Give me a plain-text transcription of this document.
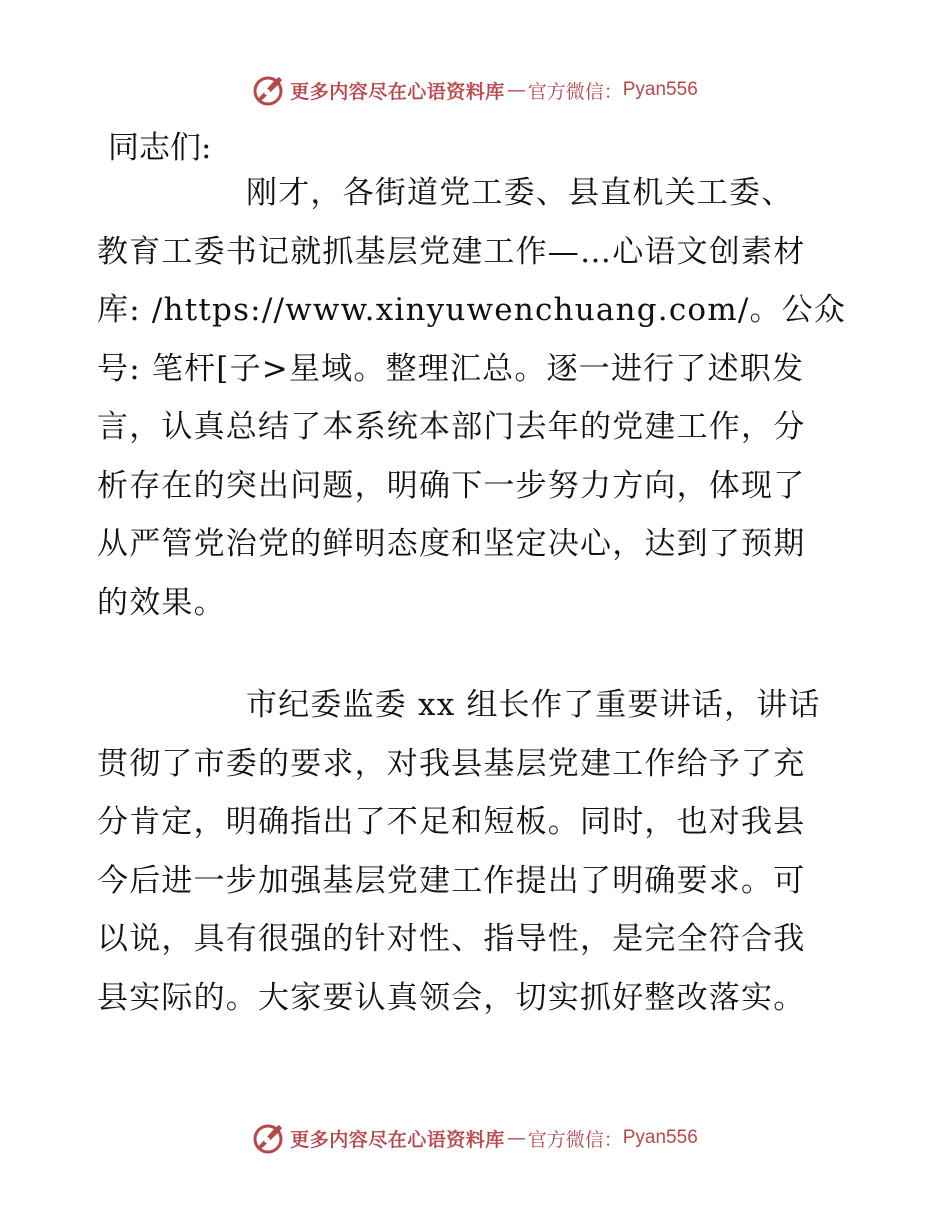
更多内容尽在心语资料库 — 官方微信： Pyan556
同志们:
刚才，各街道党工委、县直机关工委、
教育工委书记就抓基层党建工作—…心语文创素材
库: /https://www.xinyuwenchuang.com/。公众
号: 笔杆[子>星域。整理汇总。逐一进行了述职发
言，认真总结了本系统本部门去年的党建工作，分
析存在的突出问题，明确下一步努力方向，体现了
从严管党治党的鲜明态度和坚定决心，达到了预期
的效果。
市纪委监委 xx 组长作了重要讲话，讲话
贯彻了市委的要求，对我县基层党建工作给予了充
分肯定，明确指出了不足和短板。同时，也对我县
今后进一步加强基层党建工作提出了明确要求。可
以说，具有很强的针对性、指导性，是完全符合我
县实际的。大家要认真领会，切实抓好整改落实。
更多内容尽在心语资料库 — 官方微信： Pyan556
